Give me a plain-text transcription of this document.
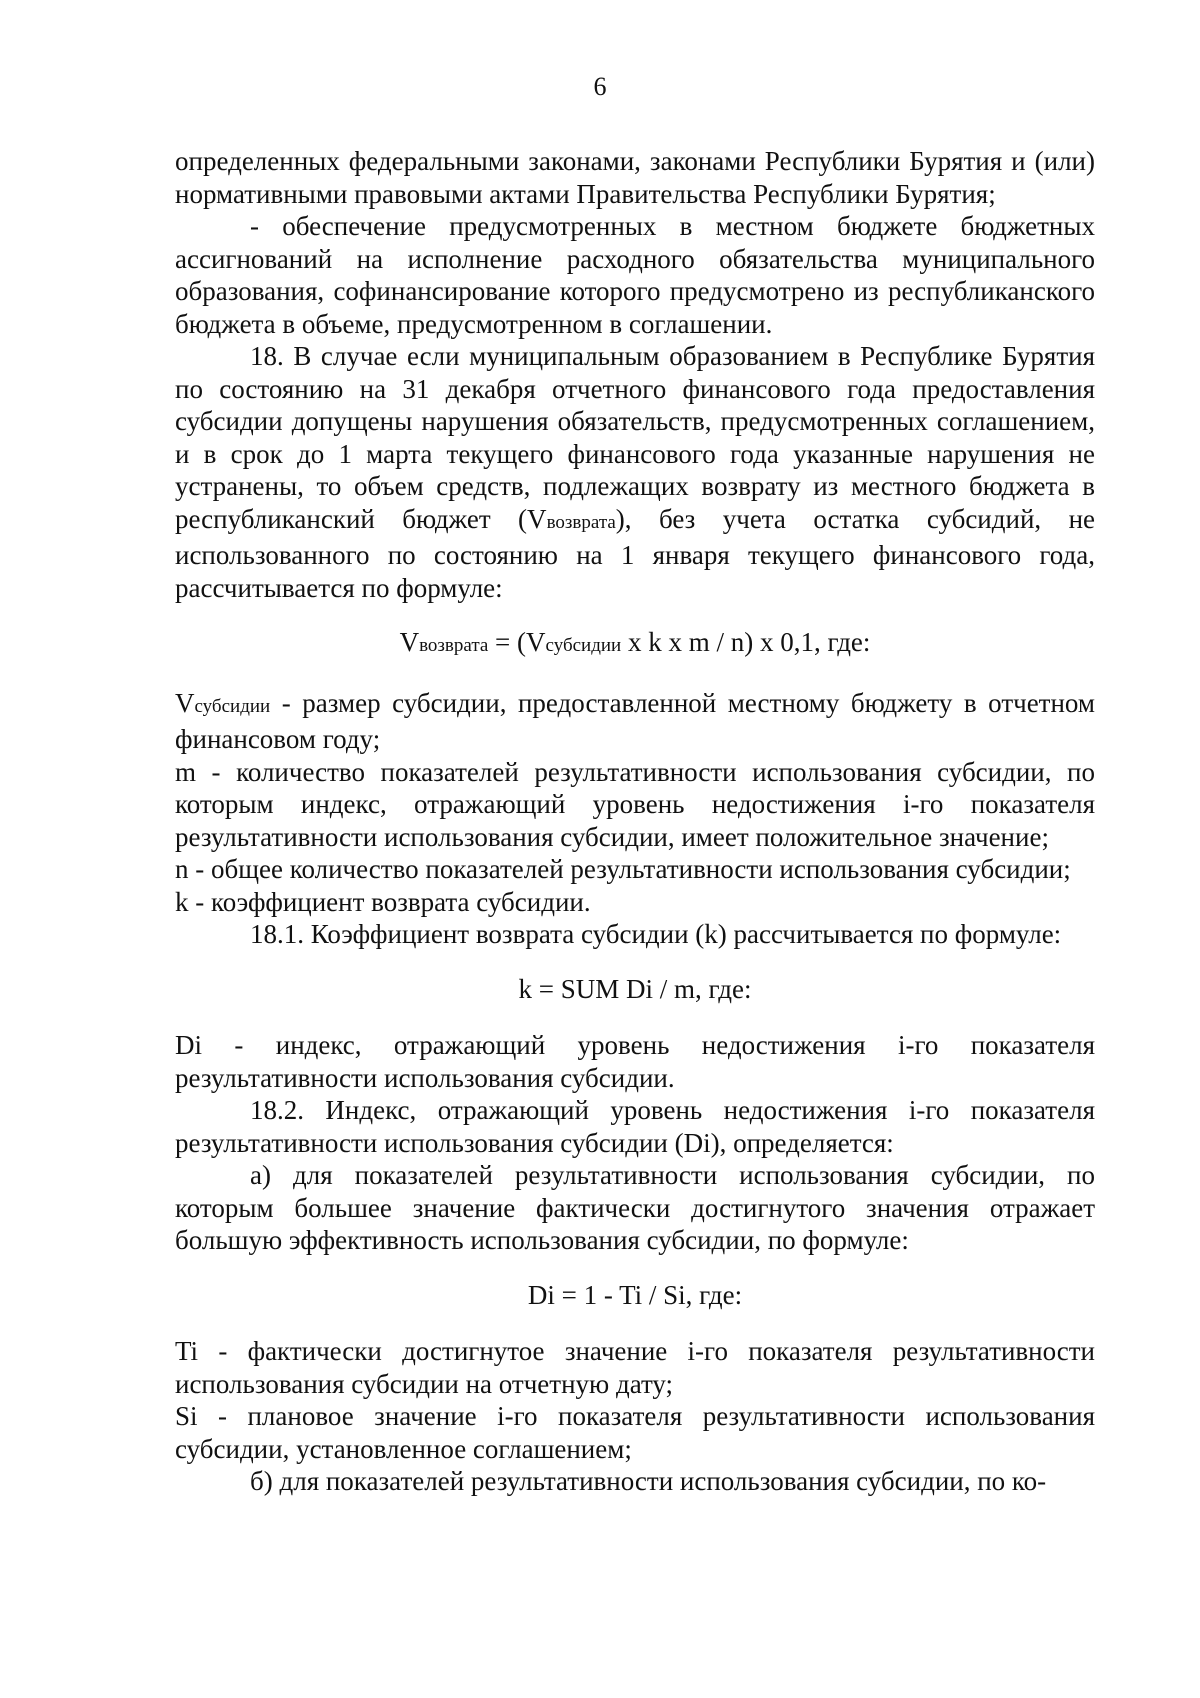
6

определенных федеральными законами, законами Республики Бурятия и (или) нормативными правовыми актами Правительства Республики Бурятия;

- обеспечение предусмотренных в местном бюджете бюджетных ассигнований на исполнение расходного обязательства муниципального образования, софинансирование которого предусмотрено из республиканского бюджета в объеме, предусмотренном в соглашении.

18. В случае если муниципальным образованием в Республике Бурятия по состоянию на 31 декабря отчетного финансового года предоставления субсидии допущены нарушения обязательств, предусмотренных соглашением, и в срок до 1 марта текущего финансового года указанные нарушения не устранены, то объем средств, подлежащих возврату из местного бюджета в республиканский бюджет (Vвозврата), без учета остатка субсидий, не использованного по состоянию на 1 января текущего финансового года, рассчитывается по формуле:

Vвозврата = (Vсубсидии x k x m / n) x 0,1, где:

Vсубсидии - размер субсидии, предоставленной местному бюджету в отчетном финансовом году;

m - количество показателей результативности использования субсидии, по которым индекс, отражающий уровень недостижения i-го показателя результативности использования субсидии, имеет положительное значение;

n - общее количество показателей результативности использования субсидии;

k - коэффициент возврата субсидии.

18.1. Коэффициент возврата субсидии (k) рассчитывается по формуле:

k = SUM Di / m, где:

Di - индекс, отражающий уровень недостижения i-го показателя результативности использования субсидии.

18.2. Индекс, отражающий уровень недостижения i-го показателя результативности использования субсидии (Di), определяется:

а) для показателей результативности использования субсидии, по которым большее значение фактически достигнутого значения отражает большую эффективность использования субсидии, по формуле:

Di = 1 - Ti / Si, где:

Ti - фактически достигнутое значение i-го показателя результативности использования субсидии на отчетную дату;

Si - плановое значение i-го показателя результативности использования субсидии, установленное соглашением;

б) для показателей результативности использования субсидии, по ко-
